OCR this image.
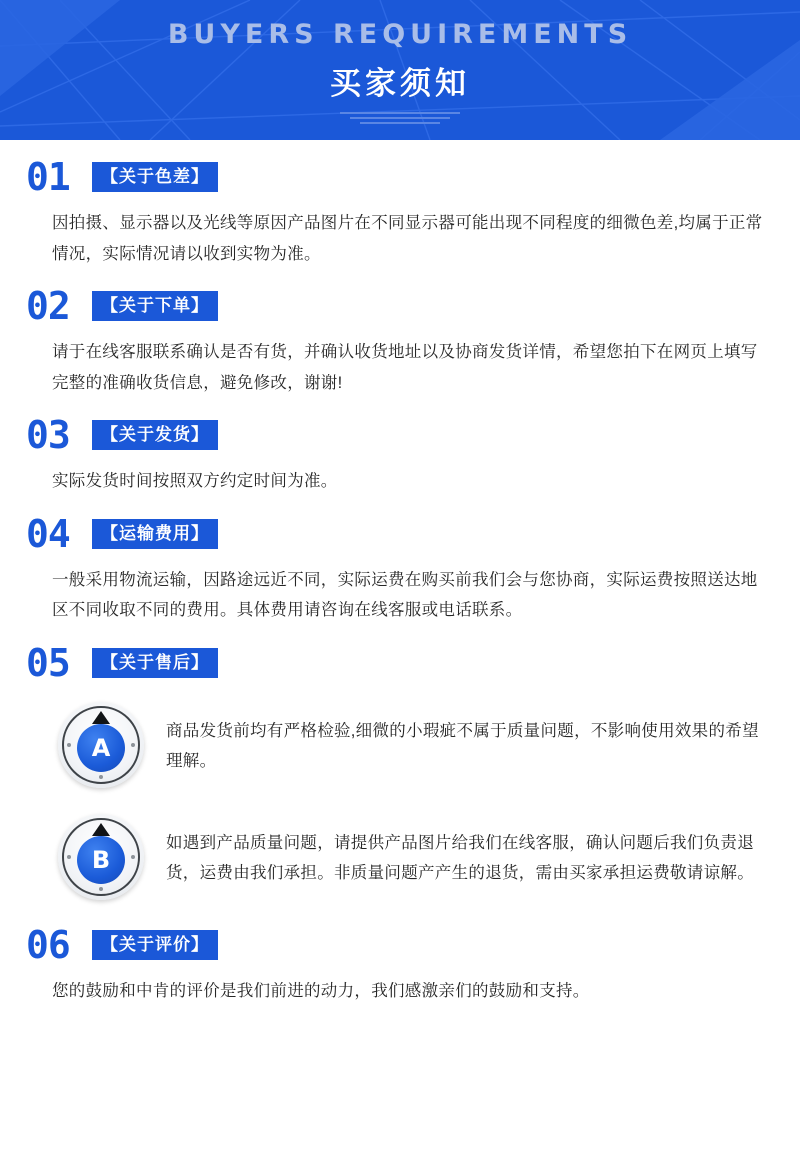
BUYERS REQUIREMENTS
买家须知
01	【关于色差】
因拍摄、显示器以及光线等原因产品图片在不同显示器可能出现不同程度的细微色差,均属于正常情况，实际情况请以收到实物为准。
02	【关于下单】
请于在线客服联系确认是否有货，并确认收货地址以及协商发货详情，希望您拍下在网页上填写完整的准确收货信息，避免修改，谢谢!
03	【关于发货】
实际发货时间按照双方约定时间为准。
04	【运输费用】
一般采用物流运输，因路途远近不同，实际运费在购买前我们会与您协商，实际运费按照送达地区不同收取不同的费用。具体费用请咨询在线客服或电话联系。
05	【关于售后】
A
商品发货前均有严格检验,细微的小瑕疵不属于质量问题，不影响使用效果的希望理解。
B
如遇到产品质量问题，请提供产品图片给我们在线客服，确认问题后我们负责退货，运费由我们承担。非质量问题产产生的退货，需由买家承担运费敬请谅解。
06	【关于评价】
您的鼓励和中肯的评价是我们前进的动力，我们感激亲们的鼓励和支持。
